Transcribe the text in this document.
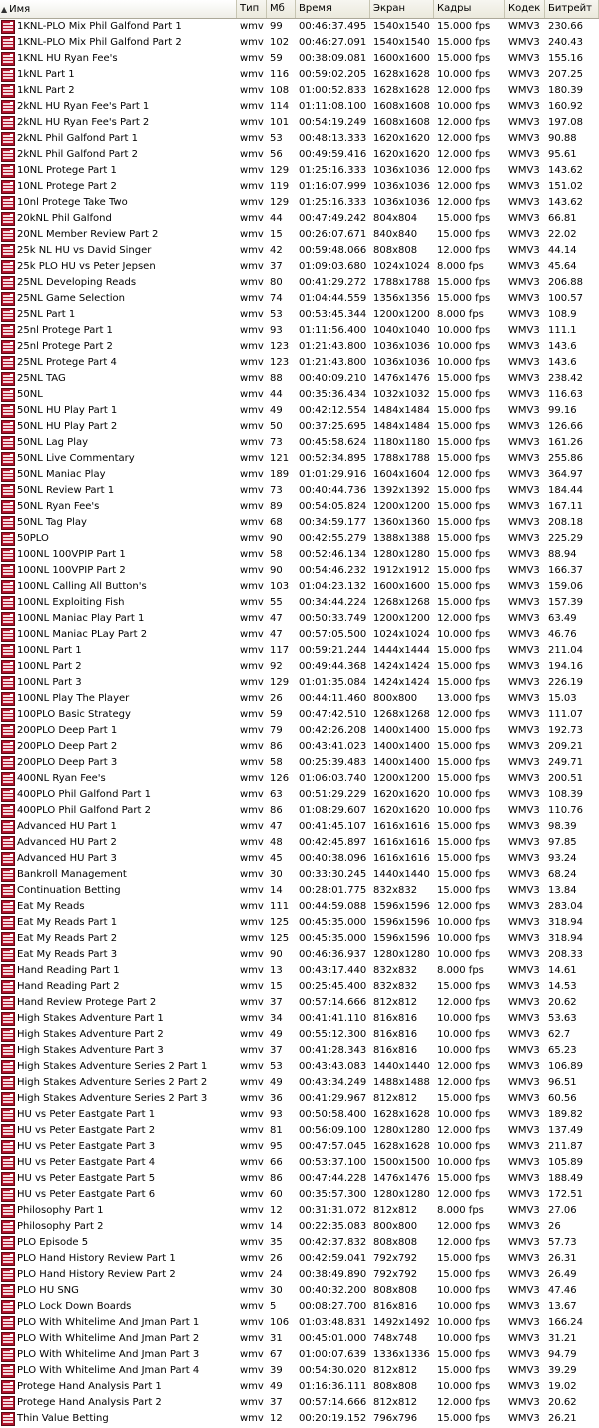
▲ Имя	Тип	Мб	Время	Экран	Кадры	Кодек Битрейт
1KNL-PLO Mix Phil Galfond Part 1	wmv 99	00:46:37.495 1540x1540 15.000 fps	WMV3 230.66
1KNL-PLO Mix Phil Galfond Part 2	wmv 102 00:46:27.091 1540x1540 15.000 fps	WMV3 240.43
1KNL HU Ryan Fee's	wmv 59	00:38:09.081 1600x1600 15.000 fps	WMV3 155.16
1kNL Part 1	wmv 116 00:59:02.205 1628x1628 10.000 fps	WMV3 207.25
1kNL Part 2	wmv 108 01:00:52.833 1628x1628 12.000 fps	WMV3 180.39
2kNL HU Ryan Fee's Part 1	wmv 114 01:11:08.100 1608x1608 10.000 fps	WMV3 160.92
2kNL HU Ryan Fee's Part 2	wmv 101 00:54:19.249 1608x1608 12.000 fps	WMV3 197.08
2kNL Phil Galfond Part 1	wmv 53	00:48:13.333 1620x1620 12.000 fps	WMV3 90.88
2kNL Phil Galfond Part 2	wmv 56	00:49:59.416 1620x1620 12.000 fps	WMV3 95.61
10NL Protege Part 1	wmv 129 01:25:16.333 1036x1036 12.000 fps	WMV3 143.62
10NL Protege Part 2	wmv 119 01:16:07.999 1036x1036 12.000 fps	WMV3 151.02
10nl Protege Take Two	wmv 129 01:25:16.333 1036x1036 12.000 fps	WMV3 143.62
20kNL Phil Galfond	wmv 44	00:47:49.242 804x804	15.000 fps	WMV3 66.81
20NL Member Review Part 2	wmv 15	00:26:07.671 840x840	15.000 fps	WMV3 22.02
25k NL HU vs David Singer	wmv 42	00:59:48.066 808x808	12.000 fps	WMV3 44.14
25k PLO HU vs Peter Jepsen	wmv 37	01:09:03.680 1024x1024 8.000 fps	WMV3 45.64
25NL Developing Reads	wmv 80	00:41:29.272 1788x1788 15.000 fps	WMV3 206.88
25NL Game Selection	wmv 74	01:04:44.559 1356x1356 15.000 fps	WMV3 100.57
25NL Part 1	wmv 53	00:53:45.344 1200x1200 8.000 fps	WMV3 108.9
25nl Protege Part 1	wmv 93	01:11:56.400 1040x1040 10.000 fps	WMV3 111.1
25nl Protege Part 2	wmv 123 01:21:43.800 1036x1036 10.000 fps	WMV3 143.6
25NL Protege Part 4	wmv 123 01:21:43.800 1036x1036 10.000 fps	WMV3 143.6
25NL TAG	wmv 88	00:40:09.210 1476x1476 15.000 fps	WMV3 238.42
50NL	wmv 44	00:35:36.434 1032x1032 15.000 fps	WMV3 116.63
50NL HU Play Part 1	wmv 49	00:42:12.554 1484x1484 15.000 fps	WMV3 99.16
50NL HU Play Part 2	wmv 50	00:37:25.695 1484x1484 15.000 fps	WMV3 126.66
50NL Lag Play	wmv 73	00:45:58.624 1180x1180 15.000 fps	WMV3 161.26
50NL Live Commentary	wmv 121 00:52:34.895 1788x1788 15.000 fps	WMV3 255.86
50NL Maniac Play	wmv 189 01:01:29.916 1604x1604 12.000 fps	WMV3 364.97
50NL Review Part 1	wmv 73	00:40:44.736 1392x1392 15.000 fps	WMV3 184.44
50NL Ryan Fee's	wmv 89	00:54:05.824 1200x1200 15.000 fps	WMV3 167.11
50NL Tag Play	wmv 68	00:34:59.177 1360x1360 15.000 fps	WMV3 208.18
50PLO	wmv 90	00:42:55.279 1388x1388 15.000 fps	WMV3 225.29
100NL 100VPIP Part 1	wmv 58	00:52:46.134 1280x1280 15.000 fps	WMV3 88.94
100NL 100VPIP Part 2	wmv 90	00:54:46.232 1912x1912 15.000 fps	WMV3 166.37
100NL Calling All Button's	wmv 103 01:04:23.132 1600x1600 15.000 fps	WMV3 159.06
100NL Exploiting Fish	wmv 55	00:34:44.224 1268x1268 15.000 fps	WMV3 157.39
100NL Maniac Play Part 1	wmv 47	00:50:33.749 1200x1200 12.000 fps	WMV3 63.49
100NL Maniac PLay Part 2	wmv 47	00:57:05.500 1024x1024 10.000 fps	WMV3 46.76
100NL Part 1	wmv 117 00:59:21.244 1444x1444 15.000 fps	WMV3 211.04
100NL Part 2	wmv 92	00:49:44.368 1424x1424 15.000 fps	WMV3 194.16
100NL Part 3	wmv 129 01:01:35.084 1424x1424 15.000 fps	WMV3 226.19
100NL Play The Player	wmv 26	00:44:11.460 800x800	13.000 fps	WMV3 15.03
100PLO Basic Strategy	wmv 59	00:47:42.510 1268x1268 12.000 fps	WMV3 111.07
200PLO Deep Part 1	wmv 79	00:42:26.208 1400x1400 15.000 fps	WMV3 192.73
200PLO Deep Part 2	wmv 86	00:43:41.023 1400x1400 15.000 fps	WMV3 209.21
200PLO Deep Part 3	wmv 58	00:25:39.483 1400x1400 15.000 fps	WMV3 249.71
400NL Ryan Fee's	wmv 126 01:06:03.740 1200x1200 15.000 fps	WMV3 200.51
400PLO Phil Galfond Part 1	wmv 63	00:51:29.229 1620x1620 10.000 fps	WMV3 108.39
400PLO Phil Galfond Part 2	wmv 86	01:08:29.607 1620x1620 10.000 fps	WMV3 110.76
Advanced HU Part 1	wmv 47	00:41:45.107 1616x1616 15.000 fps	WMV3 98.39
Advanced HU Part 2	wmv 48	00:42:45.897 1616x1616 15.000 fps	WMV3 97.85
Advanced HU Part 3	wmv 45	00:40:38.096 1616x1616 15.000 fps	WMV3 93.24
Bankroll Management	wmv 30	00:33:30.245 1440x1440 15.000 fps	WMV3 68.24
Continuation Betting	wmv 14	00:28:01.775 832x832	15.000 fps	WMV3 13.84
Eat My Reads	wmv 111 00:44:59.088 1596x1596 12.000 fps	WMV3 283.04
Eat My Reads Part 1	wmv 125 00:45:35.000 1596x1596 10.000 fps	WMV3 318.94
Eat My Reads Part 2	wmv 125 00:45:35.000 1596x1596 10.000 fps	WMV3 318.94
Eat My Reads Part 3	wmv 90	00:46:36.937 1280x1280 10.000 fps	WMV3 208.33
Hand Reading Part 1	wmv 13	00:43:17.440 832x832	8.000 fps	WMV3 14.61
Hand Reading Part 2	wmv 15	00:25:45.400 832x832	15.000 fps	WMV3 14.53
Hand Review Protege Part 2	wmv 37	00:57:14.666 812x812	12.000 fps	WMV3 20.62
High Stakes Adventure Part 1	wmv 34	00:41:41.110 816x816	10.000 fps	WMV3 53.63
High Stakes Adventure Part 2	wmv 49	00:55:12.300 816x816	10.000 fps	WMV3 62.7
High Stakes Adventure Part 3	wmv 37	00:41:28.343 816x816	10.000 fps	WMV3 65.23
High Stakes Adventure Series 2 Part 1	wmv 53	00:43:43.083 1440x1440 12.000 fps	WMV3 106.89
High Stakes Adventure Series 2 Part 2	wmv 49	00:43:34.249 1488x1488 12.000 fps	WMV3 96.51
High Stakes Adventure Series 2 Part 3	wmv 36	00:41:29.967 812x812	15.000 fps	WMV3 60.56
HU vs Peter Eastgate Part 1	wmv 93	00:50:58.400 1628x1628 10.000 fps	WMV3 189.82
HU vs Peter Eastgate Part 2	wmv 81	00:56:09.100 1280x1280 12.000 fps	WMV3 137.49
HU vs Peter Eastgate Part 3	wmv 95	00:47:57.045 1628x1628 10.000 fps	WMV3 211.87
HU vs Peter Eastgate Part 4	wmv 66	00:53:37.100 1500x1500 10.000 fps	WMV3 105.89
HU vs Peter Eastgate Part 5	wmv 86	00:47:44.228 1476x1476 15.000 fps	WMV3 188.49
HU vs Peter Eastgate Part 6	wmv 60	00:35:57.300 1280x1280 12.000 fps	WMV3 172.51
Philosophy Part 1	wmv 12	00:31:31.072 812x812	8.000 fps	WMV3 27.06
Philosophy Part 2	wmv 14	00:22:35.083 800x800	12.000 fps	WMV3 26
PLO Episode 5	wmv 35	00:42:37.832 808x808	12.000 fps	WMV3 57.73
PLO Hand History Review Part 1	wmv 26	00:42:59.041 792x792	15.000 fps	WMV3 26.31
PLO Hand History Review Part 2	wmv 24	00:38:49.890 792x792	15.000 fps	WMV3 26.49
PLO HU SNG	wmv 30	00:40:32.200 808x808	10.000 fps	WMV3 47.46
PLO Lock Down Boards	wmv 5	00:08:27.700 816x816	10.000 fps	WMV3 13.67
PLO With Whitelime And Jman Part 1	wmv 106 01:03:48.831 1492x1492 10.000 fps	WMV3 166.24
PLO With Whitelime And Jman Part 2	wmv 31	00:45:01.000 748x748	10.000 fps	WMV3 31.21
PLO With Whitelime And Jman Part 3	wmv 67	01:00:07.639 1336x1336 15.000 fps	WMV3 94.79
PLO With Whitelime And Jman Part 4	wmv 39	00:54:30.020 812x812	15.000 fps	WMV3 39.29
Protege Hand Analysis Part 1	wmv 49	01:16:36.111 808x808	10.000 fps	WMV3 19.02
Protege Hand Analysis Part 2	wmv 37	00:57:14.666 812x812	12.000 fps	WMV3 20.62
Thin Value Betting	wmv 12	00:20:19.152 796x796	15.000 fps	WMV3 26.21
